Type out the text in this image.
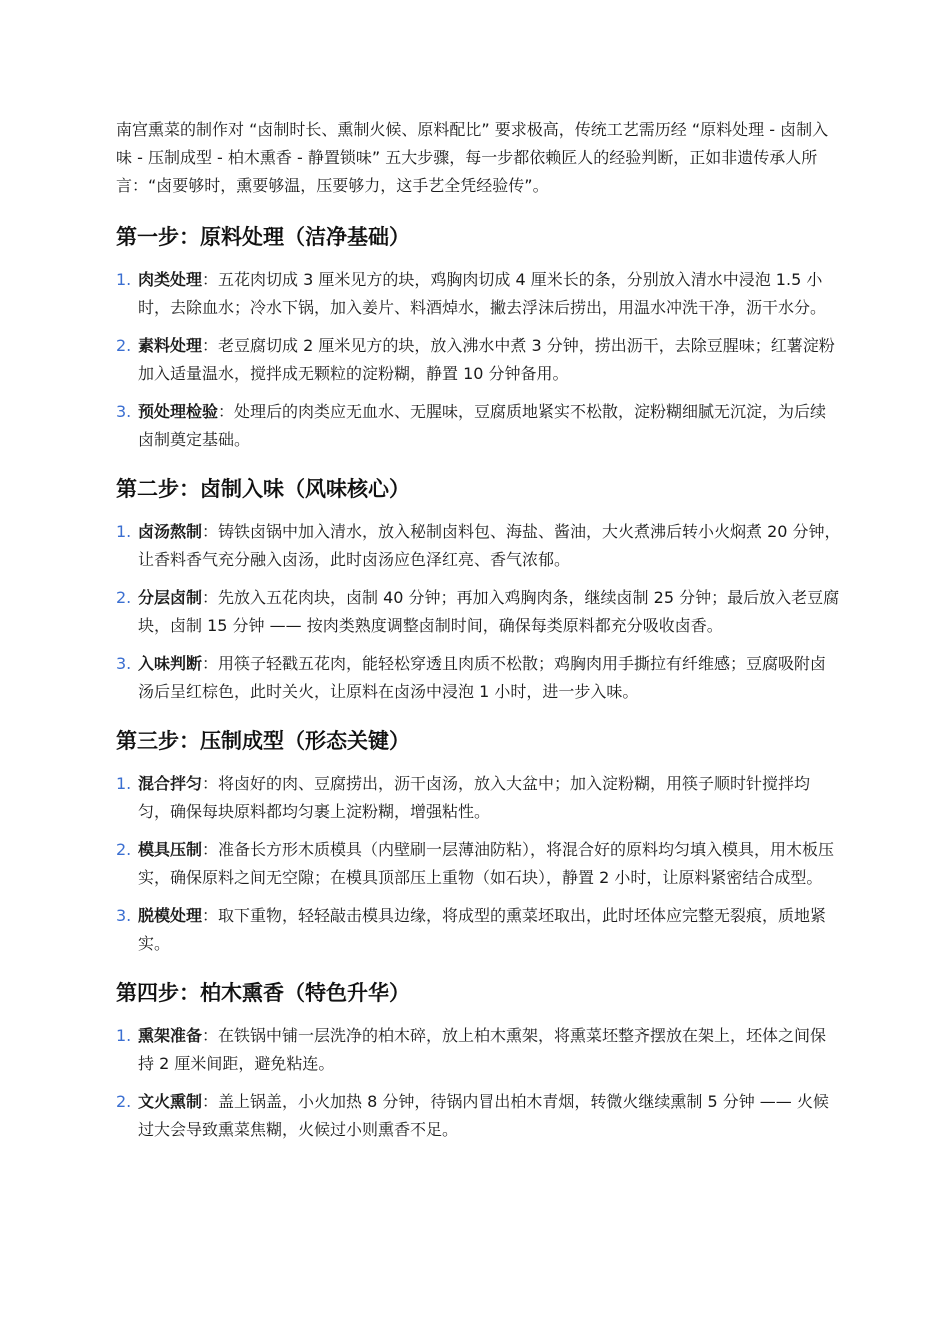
南宫熏菜的制作对 “卤制时长、熏制火候、原料配比” 要求极高，传统工艺需历经 “原料处理 - 卤制入味 - 压制成型 - 柏木熏香 - 静置锁味” 五大步骤，每一步都依赖匠人的经验判断，正如非遗传承人所言：“卤要够时，熏要够温，压要够力，这手艺全凭经验传”。

第一步：原料处理（洁净基础）
1. 肉类处理：五花肉切成 3 厘米见方的块，鸡胸肉切成 4 厘米长的条，分别放入清水中浸泡 1.5 小时，去除血水；冷水下锅，加入姜片、料酒焯水，撇去浮沫后捞出，用温水冲洗干净，沥干水分。
2. 素料处理：老豆腐切成 2 厘米见方的块，放入沸水中煮 3 分钟，捞出沥干，去除豆腥味；红薯淀粉加入适量温水，搅拌成无颗粒的淀粉糊，静置 10 分钟备用。
3. 预处理检验：处理后的肉类应无血水、无腥味，豆腐质地紧实不松散，淀粉糊细腻无沉淀，为后续卤制奠定基础。
第二步：卤制入味（风味核心）
1. 卤汤熬制：铸铁卤锅中加入清水，放入秘制卤料包、海盐、酱油，大火煮沸后转小火焖煮 20 分钟，让香料香气充分融入卤汤，此时卤汤应色泽红亮、香气浓郁。
2. 分层卤制：先放入五花肉块，卤制 40 分钟；再加入鸡胸肉条，继续卤制 25 分钟；最后放入老豆腐块，卤制 15 分钟 —— 按肉类熟度调整卤制时间，确保每类原料都充分吸收卤香。
3. 入味判断：用筷子轻戳五花肉，能轻松穿透且肉质不松散；鸡胸肉用手撕拉有纤维感；豆腐吸附卤汤后呈红棕色，此时关火，让原料在卤汤中浸泡 1 小时，进一步入味。
第三步：压制成型（形态关键）
1. 混合拌匀：将卤好的肉、豆腐捞出，沥干卤汤，放入大盆中；加入淀粉糊，用筷子顺时针搅拌均匀，确保每块原料都均匀裹上淀粉糊，增强粘性。
2. 模具压制：准备长方形木质模具（内壁刷一层薄油防粘），将混合好的原料均匀填入模具，用木板压实，确保原料之间无空隙；在模具顶部压上重物（如石块），静置 2 小时，让原料紧密结合成型。
3. 脱模处理：取下重物，轻轻敲击模具边缘，将成型的熏菜坯取出，此时坯体应完整无裂痕，质地紧实。
第四步：柏木熏香（特色升华）
1. 熏架准备：在铁锅中铺一层洗净的柏木碎，放上柏木熏架，将熏菜坯整齐摆放在架上，坯体之间保持 2 厘米间距，避免粘连。
2. 文火熏制：盖上锅盖，小火加热 8 分钟，待锅内冒出柏木青烟，转微火继续熏制 5 分钟 —— 火候过大会导致熏菜焦糊，火候过小则熏香不足。
